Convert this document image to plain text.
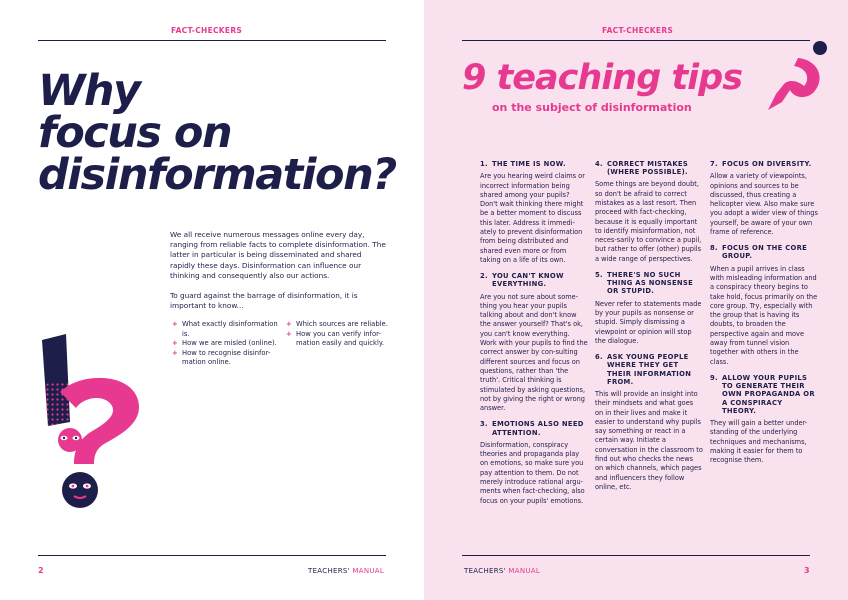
FACT-CHECKERS
Why
focus on
disinformation?

We all receive numerous messages online every day, ranging from reliable facts to complete disinformation. The latter in particular is being disseminated and shared rapidly these days. Disinformation can influence our thinking and consequently also our actions.

To guard against the barrage of disinformation, it is important to know...

+ What exactly disinformation is.
+ How we are misled (online).
+ How to recognise disinfor-mation online.
+ Which sources are reliable.
+ How you can verify infor-mation easily and quickly.
2	TEACHERS' MANUAL
FACT-CHECKERS
9 teaching tips
on the subject of disinformation
1. THE TIME IS NOW.
Are you hearing weird claims or incorrect information being shared among your pupils? Don't wait thinking there might be a better moment to discuss this later. Address it immedi-ately to prevent disinformation from being distributed and shared even more or from taking on a life of its own.
2. YOU CAN'T KNOW EVERYTHING.
Are you not sure about some-thing you hear your pupils talking about and don't know the answer yourself? That's ok, you can't know everything. Work with your pupils to find the correct answer by con-sulting different sources and focus on questions, rather than 'the truth'. Critical thinking is stimulated by asking questions, not by giving the right or wrong answer.
3. EMOTIONS ALSO NEED ATTENTION.
Disinformation, conspiracy theories and propaganda play on emotions, so make sure you pay attention to them. Do not merely introduce rational argu-ments when fact-checking, also focus on your pupils' emotions.
4. CORRECT MISTAKES (WHERE POSSIBLE).
Some things are beyond doubt, so don't be afraid to correct mistakes as a last resort. Then proceed with fact-checking, because it is equally important to identify misinformation, not neces-sarily to convince a pupil, but rather to offer (other) pupils a wide range of perspectives.
5. THERE'S NO SUCH THING AS NONSENSE OR STUPID.
Never refer to statements made by your pupils as nonsense or stupid. Simply dismissing a viewpoint or opinion will stop the dialogue.
6. ASK YOUNG PEOPLE WHERE THEY GET THEIR INFORMATION FROM.
This will provide an insight into their mindsets and what goes on in their lives and make it easier to understand why pupils say something or react in a certain way. Initiate a conversation in the classroom to find out who checks the news on which channels, which pages and influencers they follow online, etc.
7. FOCUS ON DIVERSITY.
Allow a variety of viewpoints, opinions and sources to be discussed, thus creating a helicopter view. Also make sure you adopt a wider view of things yourself, be aware of your own frame of reference.
8. FOCUS ON THE CORE GROUP.
When a pupil arrives in class with misleading information and a conspiracy theory begins to take hold, focus primarily on the core group. Try, especially with the group that is having its doubts, to broaden the perspective again and move away from tunnel vision together with others in the class.
9. ALLOW YOUR PUPILS TO GENERATE THEIR OWN PROPAGANDA OR A CONSPIRACY THEORY.
They will gain a better under-standing of the underlying techniques and mechanisms, making it easier for them to recognise them.
TEACHERS' MANUAL	3
